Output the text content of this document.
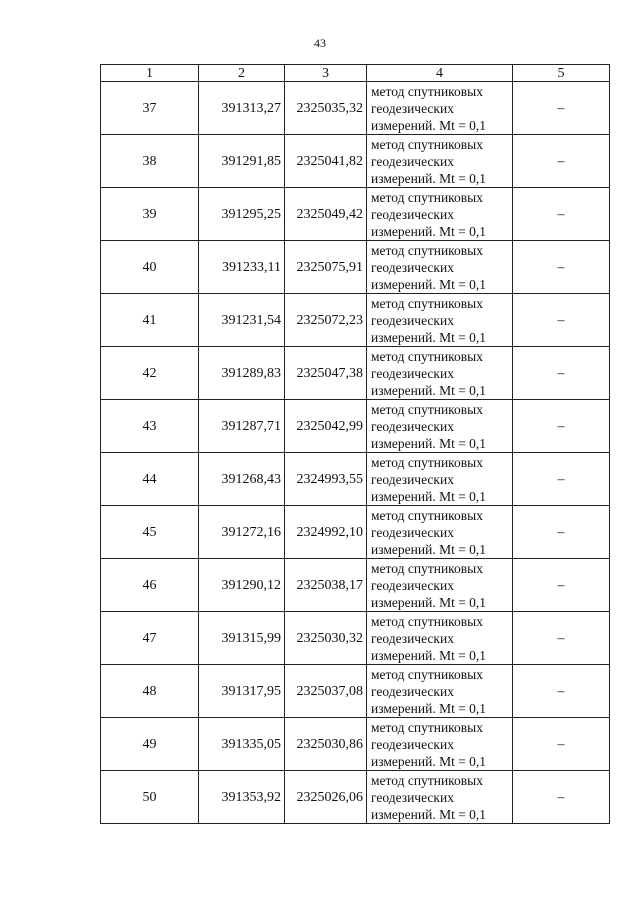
43
1	2	3	4	5
37	391313,27	2325035,32	метод спутниковых
геодезических
измерений. Mt = 0,1	–
38	391291,85	2325041,82	метод спутниковых
геодезических
измерений. Mt = 0,1	–
39	391295,25	2325049,42	метод спутниковых
геодезических
измерений. Mt = 0,1	–
40	391233,11	2325075,91	метод спутниковых
геодезических
измерений. Mt = 0,1	–
41	391231,54	2325072,23	метод спутниковых
геодезических
измерений. Mt = 0,1	–
42	391289,83	2325047,38	метод спутниковых
геодезических
измерений. Mt = 0,1	–
43	391287,71	2325042,99	метод спутниковых
геодезических
измерений. Mt = 0,1	–
44	391268,43	2324993,55	метод спутниковых
геодезических
измерений. Mt = 0,1	–
45	391272,16	2324992,10	метод спутниковых
геодезических
измерений. Mt = 0,1	–
46	391290,12	2325038,17	метод спутниковых
геодезических
измерений. Mt = 0,1	–
47	391315,99	2325030,32	метод спутниковых
геодезических
измерений. Mt = 0,1	–
48	391317,95	2325037,08	метод спутниковых
геодезических
измерений. Mt = 0,1	–
49	391335,05	2325030,86	метод спутниковых
геодезических
измерений. Mt = 0,1	–
50	391353,92	2325026,06	метод спутниковых
геодезических
измерений. Mt = 0,1	–
